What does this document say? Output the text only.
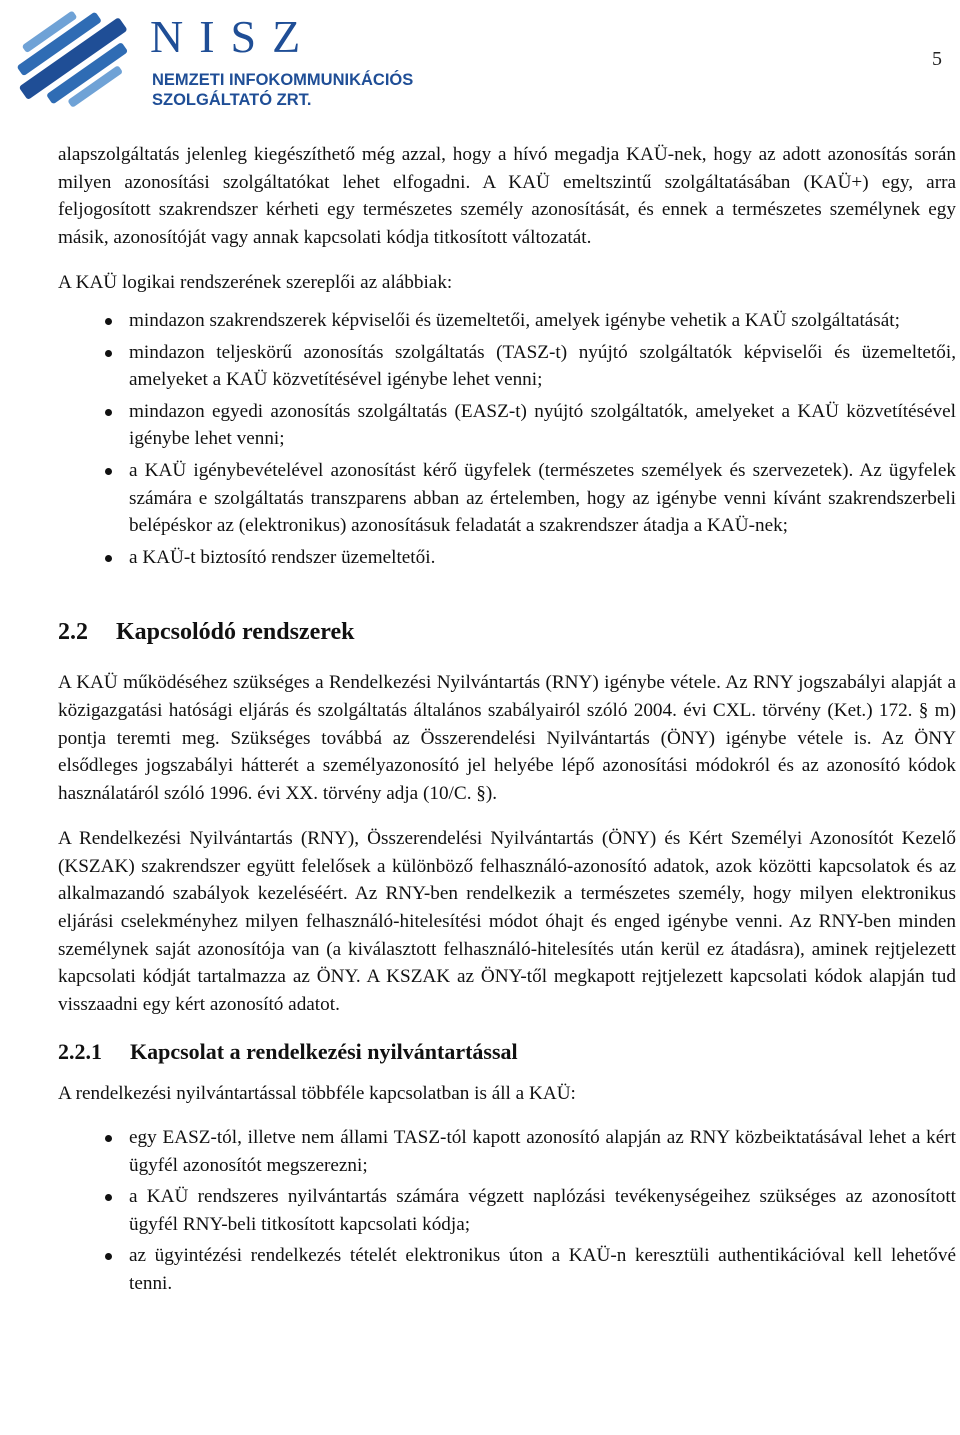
NISZ
NEMZETI INFOKOMMUNIKÁCIÓS
SZOLGÁLTATÓ ZRT.
5

alapszolgáltatás jelenleg kiegészíthető még azzal, hogy a hívó megadja KAÜ-nek, hogy az adott azonosítás során milyen azonosítási szolgáltatókat lehet elfogadni. A KAÜ emeltszintű szolgáltatásában (KAÜ+) egy, arra feljogosított szakrendszer kérheti egy természetes személy azonosítását, és ennek a természetes személynek egy másik, azonosítóját vagy annak kapcsolati kódja titkosított változatát.

A KAÜ logikai rendszerének szereplői az alábbiak:

mindazon szakrendszerek képviselői és üzemeltetői, amelyek igénybe vehetik a KAÜ szolgáltatását;
mindazon teljeskörű azonosítás szolgáltatás (TASZ-t) nyújtó szolgáltatók képviselői és üzemeltetői, amelyeket a KAÜ közvetítésével igénybe lehet venni;
mindazon egyedi azonosítás szolgáltatás (EASZ-t) nyújtó szolgáltatók, amelyeket a KAÜ közvetítésével igénybe lehet venni;
a KAÜ igénybevételével azonosítást kérő ügyfelek (természetes személyek és szervezetek). Az ügyfelek számára e szolgáltatás transzparens abban az értelemben, hogy az igénybe venni kívánt szakrendszerbeli belépéskor az (elektronikus) azonosításuk feladatát a szakrendszer átadja a KAÜ-nek;
a KAÜ-t biztosító rendszer üzemeltetői.
2.2	Kapcsolódó rendszerek

A KAÜ működéséhez szükséges a Rendelkezési Nyilvántartás (RNY) igénybe vétele. Az RNY jogszabályi alapját a közigazgatási hatósági eljárás és szolgáltatás általános szabályairól szóló 2004. évi CXL. törvény (Ket.) 172. § m) pontja teremti meg. Szükséges továbbá az Összerendelési Nyilvántartás (ÖNY) igénybe vétele is. Az ÖNY elsődleges jogszabályi hátterét a személyazonosító jel helyébe lépő azonosítási módokról és az azonosító kódok használatáról szóló 1996. évi XX. törvény adja (10/C. §).

A Rendelkezési Nyilvántartás (RNY), Összerendelési Nyilvántartás (ÖNY) és Kért Személyi Azonosítót Kezelő (KSZAK) szakrendszer együtt felelősek a különböző felhasználó-azonosító adatok, azok közötti kapcsolatok és az alkalmazandó szabályok kezeléséért. Az RNY-ben rendelkezik a természetes személy, hogy milyen elektronikus eljárási cselekményhez milyen felhasználó-hitelesítési módot óhajt és enged igénybe venni. Az RNY-ben minden személynek saját azonosítója van (a kiválasztott felhasználó-hitelesítés után kerül ez átadásra), aminek rejtjelezett kapcsolati kódját tartalmazza az ÖNY. A KSZAK az ÖNY-től megkapott rejtjelezett kapcsolati kódok alapján tud visszaadni egy kért azonosító adatot.

2.2.1	Kapcsolat a rendelkezési nyilvántartással

A rendelkezési nyilvántartással többféle kapcsolatban is áll a KAÜ:

egy EASZ-tól, illetve nem állami TASZ-tól kapott azonosító alapján az RNY közbeiktatásával lehet a kért ügyfél azonosítót megszerezni;
a KAÜ rendszeres nyilvántartás számára végzett naplózási tevékenységeihez szükséges az azonosított ügyfél RNY-beli titkosított kapcsolati kódja;
az ügyintézési rendelkezés tételét elektronikus úton a KAÜ-n keresztüli authentikációval kell lehetővé tenni.
